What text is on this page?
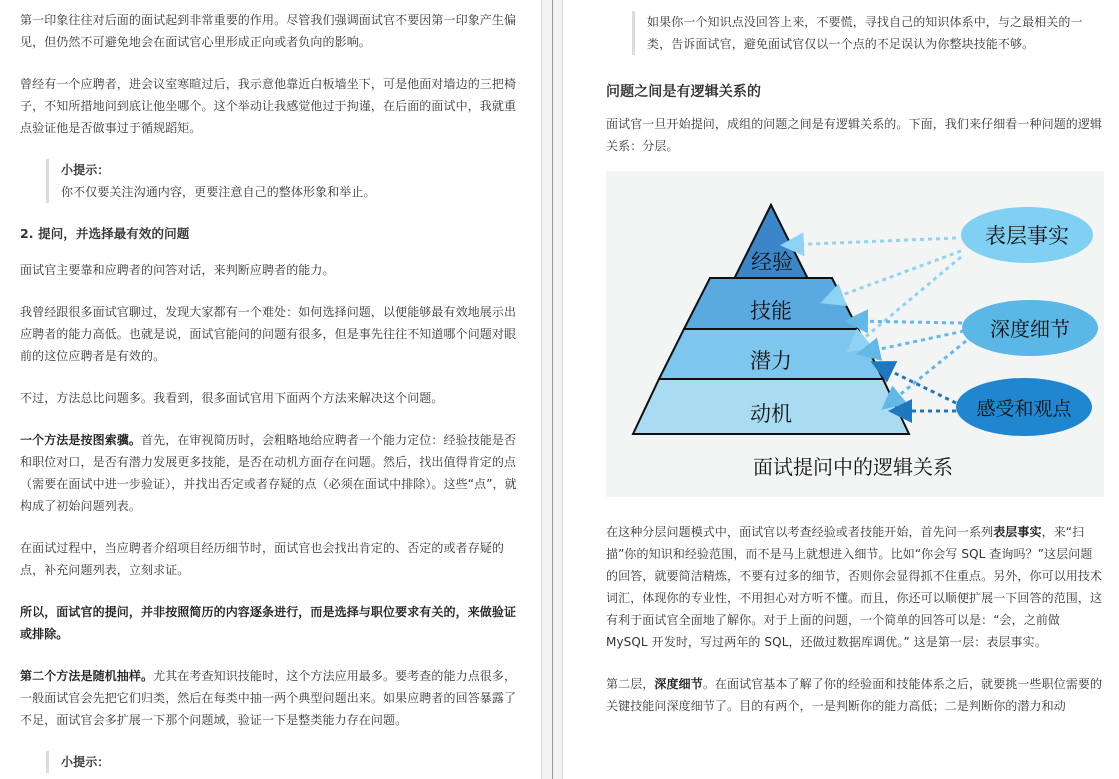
第一印象往往对后面的面试起到非常重要的作用。尽管我们强调面试官不要因第一印象产生偏见，但仍然不可避免地会在面试官心里形成正向或者负向的影响。

曾经有一个应聘者，进会议室寒暄过后，我示意他靠近白板墙坐下，可是他面对墙边的三把椅子，不知所措地问到底让他坐哪个。这个举动让我感觉他过于拘谨，在后面的面试中，我就重点验证他是否做事过于循规蹈矩。

小提示：

你不仅要关注沟通内容，更要注意自己的整体形象和举止。

2. 提问，并选择最有效的问题

面试官主要靠和应聘者的问答对话，来判断应聘者的能力。

我曾经跟很多面试官聊过，发现大家都有一个难处：如何选择问题，以便能够最有效地展示出应聘者的能力高低。也就是说，面试官能问的问题有很多，但是事先往往不知道哪个问题对眼前的这位应聘者是有效的。

不过，方法总比问题多。我看到，很多面试官用下面两个方法来解决这个问题。

一个方法是按图索骥。首先，在审视简历时，会粗略地给应聘者一个能力定位：经验技能是否和职位对口，是否有潜力发展更多技能，是否在动机方面存在问题。然后，找出值得肯定的点（需要在面试中进一步验证），并找出否定或者存疑的点（必须在面试中排除）。这些“点”，就构成了初始问题列表。

在面试过程中，当应聘者介绍项目经历细节时，面试官也会找出肯定的、否定的或者存疑的点，补充问题列表，立刻求证。

所以，面试官的提问，并非按照简历的内容逐条进行，而是选择与职位要求有关的，来做验证或排除。

第二个方法是随机抽样。尤其在考查知识技能时，这个方法应用最多。要考查的能力点很多，一般面试官会先把它们归类，然后在每类中抽一两个典型问题出来。如果应聘者的回答暴露了不足，面试官会多扩展一下那个问题域，验证一下是整类能力存在问题。

小提示：

如果你一个知识点没回答上来，不要慌，寻找自己的知识体系中，与之最相关的一类，告诉面试官，避免面试官仅以一个点的不足误认为你整块技能不够。

问题之间是有逻辑关系的

面试官一旦开始提问，成组的问题之间是有逻辑关系的。下面，我们来仔细看一种问题的逻辑关系：分层。

经验
技能
潜力
动机
表层事实
深度细节
感受和观点
面试提问中的逻辑关系

在这种分层问题模式中，面试官以考查经验或者技能开始，首先问一系列表层事实，来“扫描”你的知识和经验范围，而不是马上就想进入细节。比如“你会写 SQL 查询吗？”这层问题的回答，就要简洁精炼，不要有过多的细节，否则你会显得抓不住重点。另外，你可以用技术词汇，体现你的专业性，不用担心对方听不懂。而且，你还可以顺便扩展一下回答的范围，这有利于面试官全面地了解你。对于上面的问题，一个简单的回答可以是：“会，之前做 MySQL 开发时，写过两年的 SQL，还做过数据库调优。” 这是第一层：表层事实。

第二层，深度细节。在面试官基本了解了你的经验面和技能体系之后，就要挑一些职位需要的关键技能问深度细节了。目的有两个，一是判断你的能力高低；二是判断你的潜力和动
